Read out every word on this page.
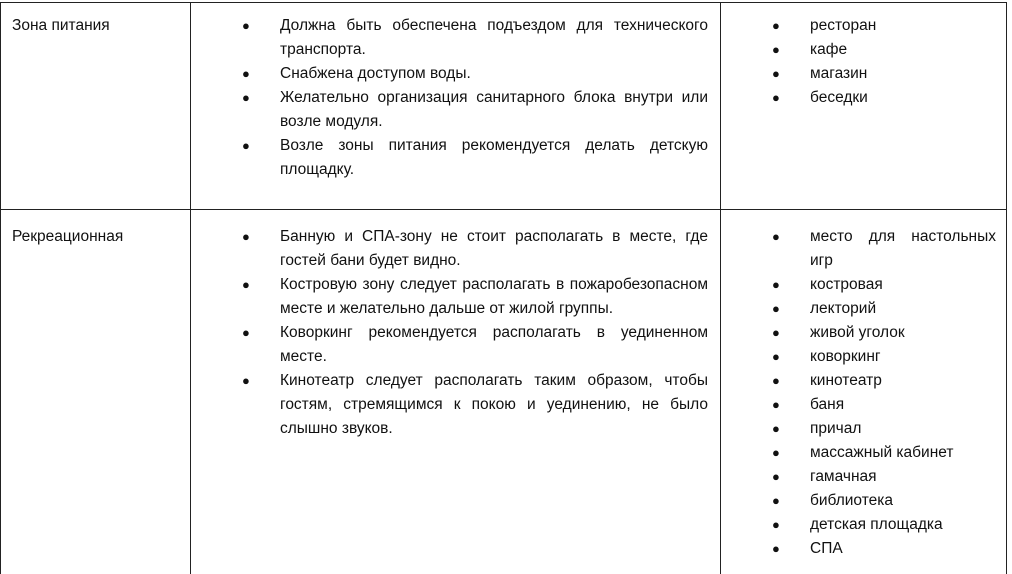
Зона питания	● Должна быть обеспечена подъездом для технического транспорта.
● Снабжена доступом воды.
● Желательно организация санитарного блока внутри или возле модуля.
● Возле зоны питания рекомендуется делать детскую площадку.
● ресторан
● кафе
● магазин
● беседки
Рекреационная	● Банную и СПА-зону не стоит располагать в месте, где гостей бани будет видно.
● Костровую зону следует располагать в пожаробезопасном месте и желательно дальше от жилой группы.
● Коворкинг рекомендуется располагать в уединенном месте.
● Кинотеатр следует располагать таким образом, чтобы гостям, стремящимся к покою и уединению, не было слышно звуков.
● место для настольных игр
● костровая
● лекторий
● живой уголок
● коворкинг
● кинотеатр
● баня
● причал
● массажный кабинет
● гамачная
● библиотека
● детская площадка
● СПА
